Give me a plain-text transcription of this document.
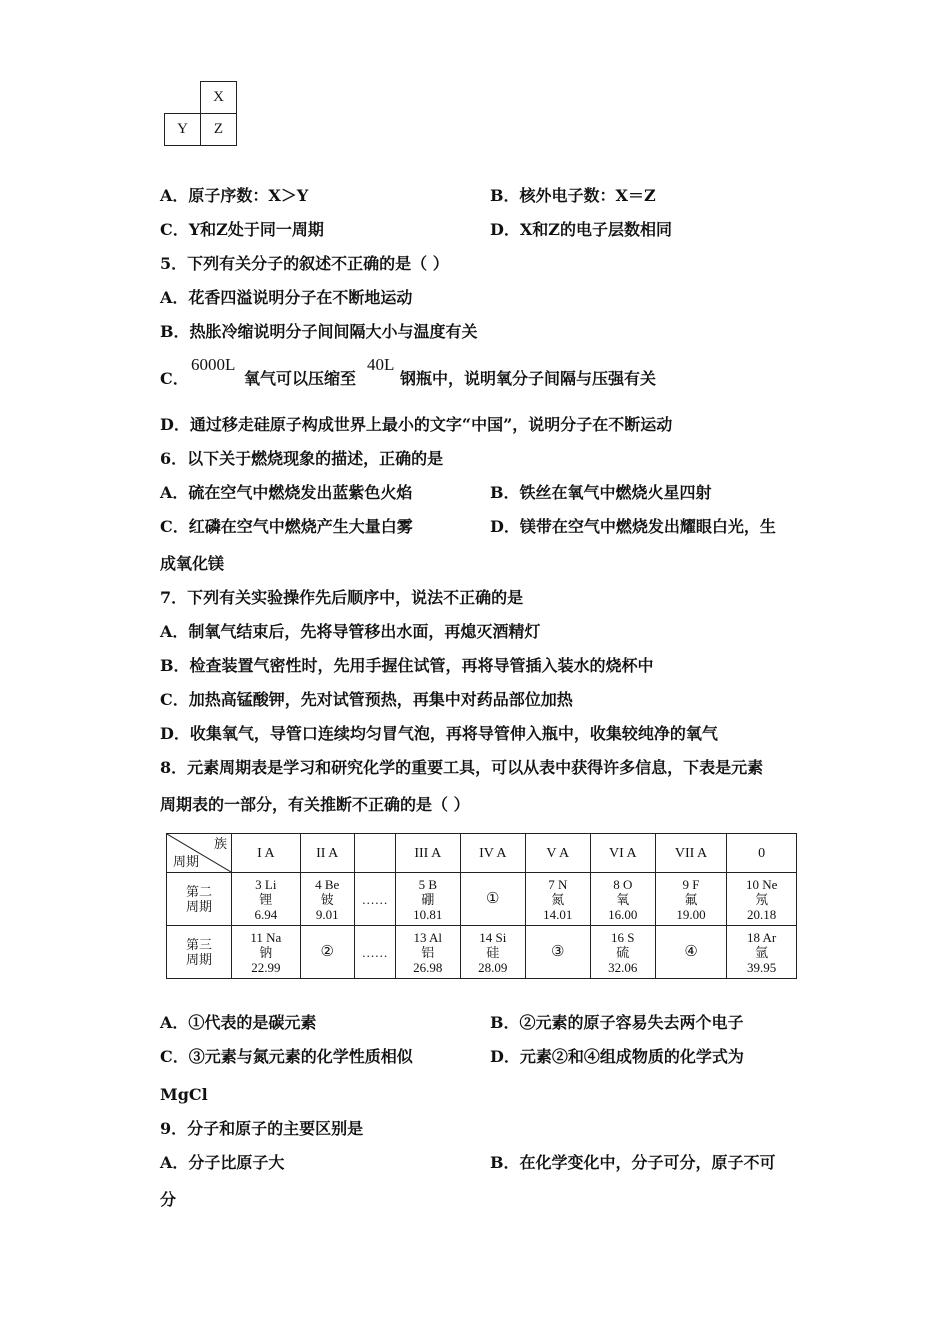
	X
Y	Z
A．原子序数：X＞Y	B．核外电子数：X＝Z
C．Y和Z处于同一周期	D．X和Z的电子层数相同
5．下列有关分子的叙述不正确的是（ ）
A．花香四溢说明分子在不断地运动
B．热胀冷缩说明分子间间隔大小与温度有关
C．
6000L
氧气可以压缩至
40L
钢瓶中，说明氧分子间隔与压强有关
D．通过移走硅原子构成世界上最小的文字“中国”，说明分子在不断运动
6．以下关于燃烧现象的描述，正确的是
A．硫在空气中燃烧发出蓝紫色火焰	B．铁丝在氧气中燃烧火星四射
C．红磷在空气中燃烧产生大量白雾	D．镁带在空气中燃烧发出耀眼白光，生
成氧化镁
7．下列有关实验操作先后顺序中，说法不正确的是
A．制氧气结束后，先将导管移出水面，再熄灭酒精灯
B．检查装置气密性时，先用手握住试管，再将导管插入装水的烧杯中
C．加热高锰酸钾，先对试管预热，再集中对药品部位加热
D．收集氧气，导管口连续均匀冒气泡，再将导管伸入瓶中，收集较纯净的氧气
8．元素周期表是学习和研究化学的重要工具，可以从表中获得许多信息，下表是元素
周期表的一部分，有关推断不正确的是（ ）
族
周期	I A	II A		III A	IV A	V A	VI A	VII A	0

第二
周期	3 Li
锂
6.94	4 Be
铍
9.01	……	5 B
硼
10.81	①	7 N
氮
14.01	8 O
氧
16.00	9 F
氟
19.00	10 Ne
氖
20.18

第三
周期	11 Na
钠
22.99	②	……	13 Al
铝
26.98	14 Si
硅
28.09	③	16 S
硫
32.06	④	18 Ar
氩
39.95
A．①代表的是碳元素	B．②元素的原子容易失去两个电子
C．③元素与氮元素的化学性质相似	D．元素②和④组成物质的化学式为
MgCl
9．分子和原子的主要区别是
A．分子比原子大	B．在化学变化中，分子可分，原子不可
分
